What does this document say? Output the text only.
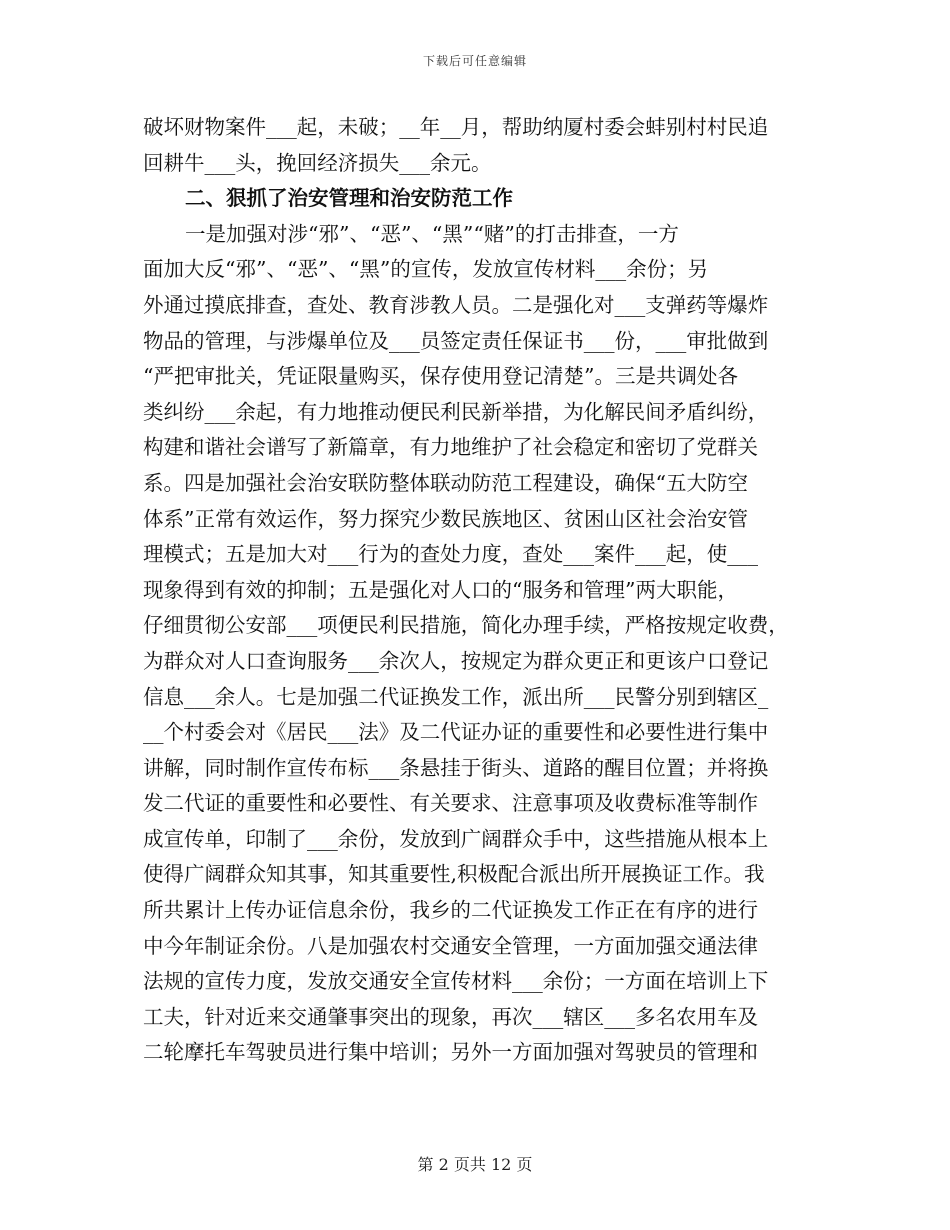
下载后可任意编辑
破坏财物案件___起，未破；__年__月，帮助纳厦村委会蚌别村村民追
回耕牛___头，挽回经济损失___余元。
二、狠抓了治安管理和治安防范工作
一是加强对涉“邪”、“恶”、“黑”“赌”的打击排查，一方
面加大反“邪”、“恶”、“黑”的宣传，发放宣传材料___余份；另
外通过摸底排查，查处、教育涉教人员。二是强化对___支弹药等爆炸
物品的管理，与涉爆单位及___员签定责任保证书___份，___审批做到
“严把审批关，凭证限量购买，保存使用登记清楚”。三是共调处各
类纠纷___余起，有力地推动便民利民新举措，为化解民间矛盾纠纷，
构建和谐社会谱写了新篇章，有力地维护了社会稳定和密切了党群关
系。四是加强社会治安联防整体联动防范工程建设，确保“五大防空
体系”正常有效运作，努力探究少数民族地区、贫困山区社会治安管
理模式；五是加大对___行为的查处力度，查处___案件___起，使___
现象得到有效的抑制；五是强化对人口的“服务和管理”两大职能，
仔细贯彻公安部___项便民利民措施，简化办理手续，严格按规定收费，
为群众对人口查询服务___余次人，按规定为群众更正和更该户口登记
信息___余人。七是加强二代证换发工作，派出所___民警分别到辖区_
__个村委会对《居民___法》及二代证办证的重要性和必要性进行集中
讲解，同时制作宣传布标___条悬挂于街头、道路的醒目位置；并将换
发二代证的重要性和必要性、有关要求、注意事项及收费标准等制作
成宣传单，印制了___余份，发放到广阔群众手中，这些措施从根本上
使得广阔群众知其事，知其重要性,积极配合派出所开展换证工作。我
所共累计上传办证信息余份，我乡的二代证换发工作正在有序的进行
中今年制证余份。八是加强农村交通安全管理，一方面加强交通法律
法规的宣传力度，发放交通安全宣传材料___余份；一方面在培训上下
工夫，针对近来交通肇事突出的现象，再次___辖区___多名农用车及
二轮摩托车驾驶员进行集中培训；另外一方面加强对驾驶员的管理和
第 2 页共 12 页
